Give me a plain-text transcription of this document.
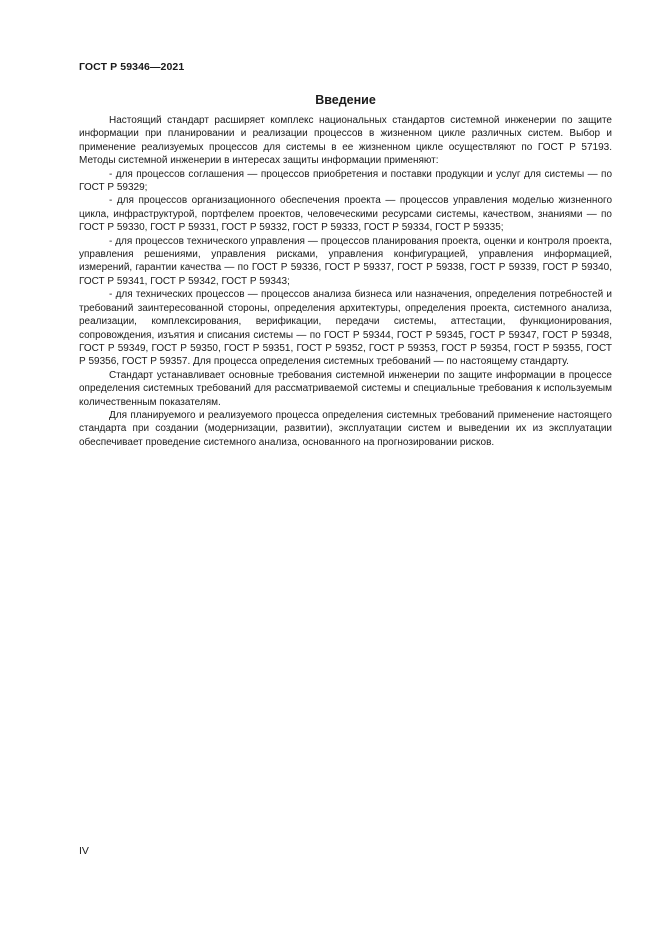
ГОСТ Р 59346—2021
Введение

Настоящий стандарт расширяет комплекс национальных стандартов системной инженерии по защите информации при планировании и реализации процессов в жизненном цикле различных систем. Выбор и применение реализуемых процессов для системы в ее жизненном цикле осуществляют по ГОСТ Р 57193. Методы системной инженерии в интересах защиты информации применяют:

- для процессов соглашения — процессов приобретения и поставки продукции и услуг для системы — по ГОСТ Р 59329;

- для процессов организационного обеспечения проекта — процессов управления моделью жизненного цикла, инфраструктурой, портфелем проектов, человеческими ресурсами системы, качеством, знаниями — по ГОСТ Р 59330, ГОСТ Р 59331, ГОСТ Р 59332, ГОСТ Р 59333, ГОСТ Р 59334, ГОСТ Р 59335;

- для процессов технического управления — процессов планирования проекта, оценки и контроля проекта, управления решениями, управления рисками, управления конфигурацией, управления информацией, измерений, гарантии качества — по ГОСТ Р 59336, ГОСТ Р 59337, ГОСТ Р 59338, ГОСТ Р 59339, ГОСТ Р 59340, ГОСТ Р 59341, ГОСТ Р 59342, ГОСТ Р 59343;

- для технических процессов — процессов анализа бизнеса или назначения, определения потребностей и требований заинтересованной стороны, определения архитектуры, определения проекта, системного анализа, реализации, комплексирования, верификации, передачи системы, аттестации, функционирования, сопровождения, изъятия и списания системы — по ГОСТ Р 59344, ГОСТ Р 59345, ГОСТ Р 59347, ГОСТ Р 59348, ГОСТ Р 59349, ГОСТ Р 59350, ГОСТ Р 59351, ГОСТ Р 59352, ГОСТ Р 59353, ГОСТ Р 59354, ГОСТ Р 59355, ГОСТ Р 59356, ГОСТ Р 59357. Для процесса определения системных требований — по настоящему стандарту.

Стандарт устанавливает основные требования системной инженерии по защите информации в процессе определения системных требований для рассматриваемой системы и специальные требования к используемым количественным показателям.

Для планируемого и реализуемого процесса определения системных требований применение настоящего стандарта при создании (модернизации, развитии), эксплуатации систем и выведении их из эксплуатации обеспечивает проведение системного анализа, основанного на прогнозировании рисков.

IV
